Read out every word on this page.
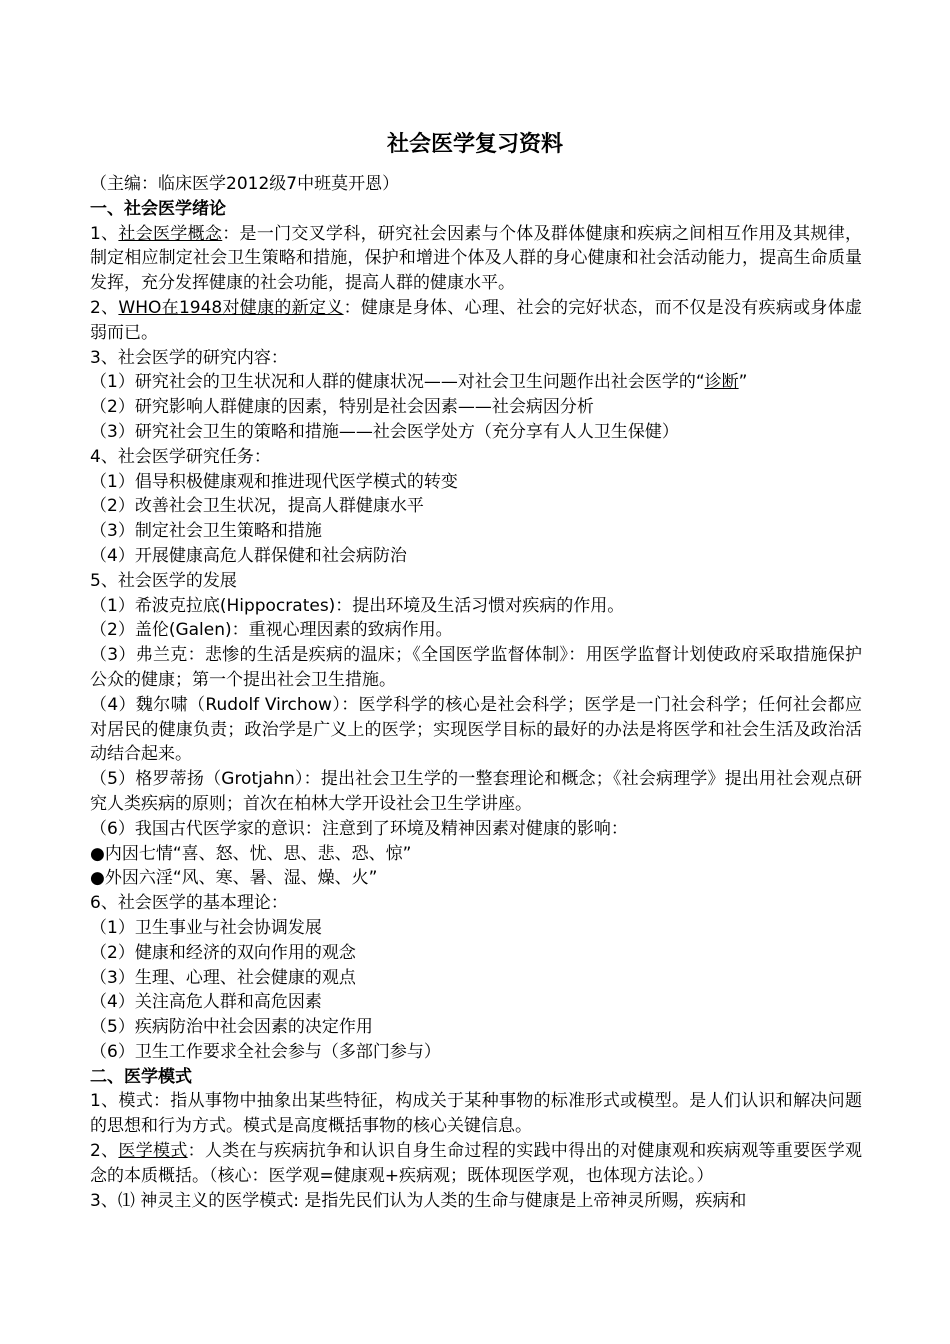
社会医学复习资料

（主编：临床医学2012级7中班莫开恩）

一、社会医学绪论

1、社会医学概念：是一门交叉学科，研究社会因素与个体及群体健康和疾病之间相互作用及其规律，制定相应制定社会卫生策略和措施，保护和增进个体及人群的身心健康和社会活动能力，提高生命质量发挥，充分发挥健康的社会功能，提高人群的健康水平。

2、WHO在1948对健康的新定义：健康是身体、心理、社会的完好状态，而不仅是没有疾病或身体虚弱而已。

3、社会医学的研究内容：

（1）研究社会的卫生状况和人群的健康状况——对社会卫生问题作出社会医学的“诊断”

（2）研究影响人群健康的因素，特别是社会因素——社会病因分析

（3）研究社会卫生的策略和措施——社会医学处方（充分享有人人卫生保健）

4、社会医学研究任务：

（1）倡导积极健康观和推进现代医学模式的转变

（2）改善社会卫生状况，提高人群健康水平

（3）制定社会卫生策略和措施

（4）开展健康高危人群保健和社会病防治

5、社会医学的发展

（1）希波克拉底(Hippocrates)：提出环境及生活习惯对疾病的作用。

（2）盖伦(Galen)：重视心理因素的致病作用。

（3）弗兰克：悲惨的生活是疾病的温床；《全国医学监督体制》：用医学监督计划使政府采取措施保护公众的健康；第一个提出社会卫生措施。

（4）魏尔啸（Rudolf Virchow）：医学科学的核心是社会科学；医学是一门社会科学；任何社会都应对居民的健康负责；政治学是广义上的医学；实现医学目标的最好的办法是将医学和社会生活及政治活动结合起来。

（5）格罗蒂扬（Grotjahn）：提出社会卫生学的一整套理论和概念；《社会病理学》提出用社会观点研究人类疾病的原则；首次在柏林大学开设社会卫生学讲座。

（6）我国古代医学家的意识：注意到了环境及精神因素对健康的影响：

●内因七情“喜、怒、忧、思、悲、恐、惊”

●外因六淫“风、寒、暑、湿、燥、火”

6、社会医学的基本理论：

（1）卫生事业与社会协调发展

（2）健康和经济的双向作用的观念

（3）生理、心理、社会健康的观点

（4）关注高危人群和高危因素

（5）疾病防治中社会因素的决定作用

（6）卫生工作要求全社会参与（多部门参与）

二、医学模式

1、模式：指从事物中抽象出某些特征，构成关于某种事物的标准形式或模型。是人们认识和解决问题的思想和行为方式。模式是高度概括事物的核心关键信息。

2、医学模式：人类在与疾病抗争和认识自身生命过程的实践中得出的对健康观和疾病观等重要医学观念的本质概括。（核心：医学观=健康观+疾病观；既体现医学观，也体现方法论。）

3、⑴ 神灵主义的医学模式: 是指先民们认为人类的生命与健康是上帝神灵所赐，疾病和
